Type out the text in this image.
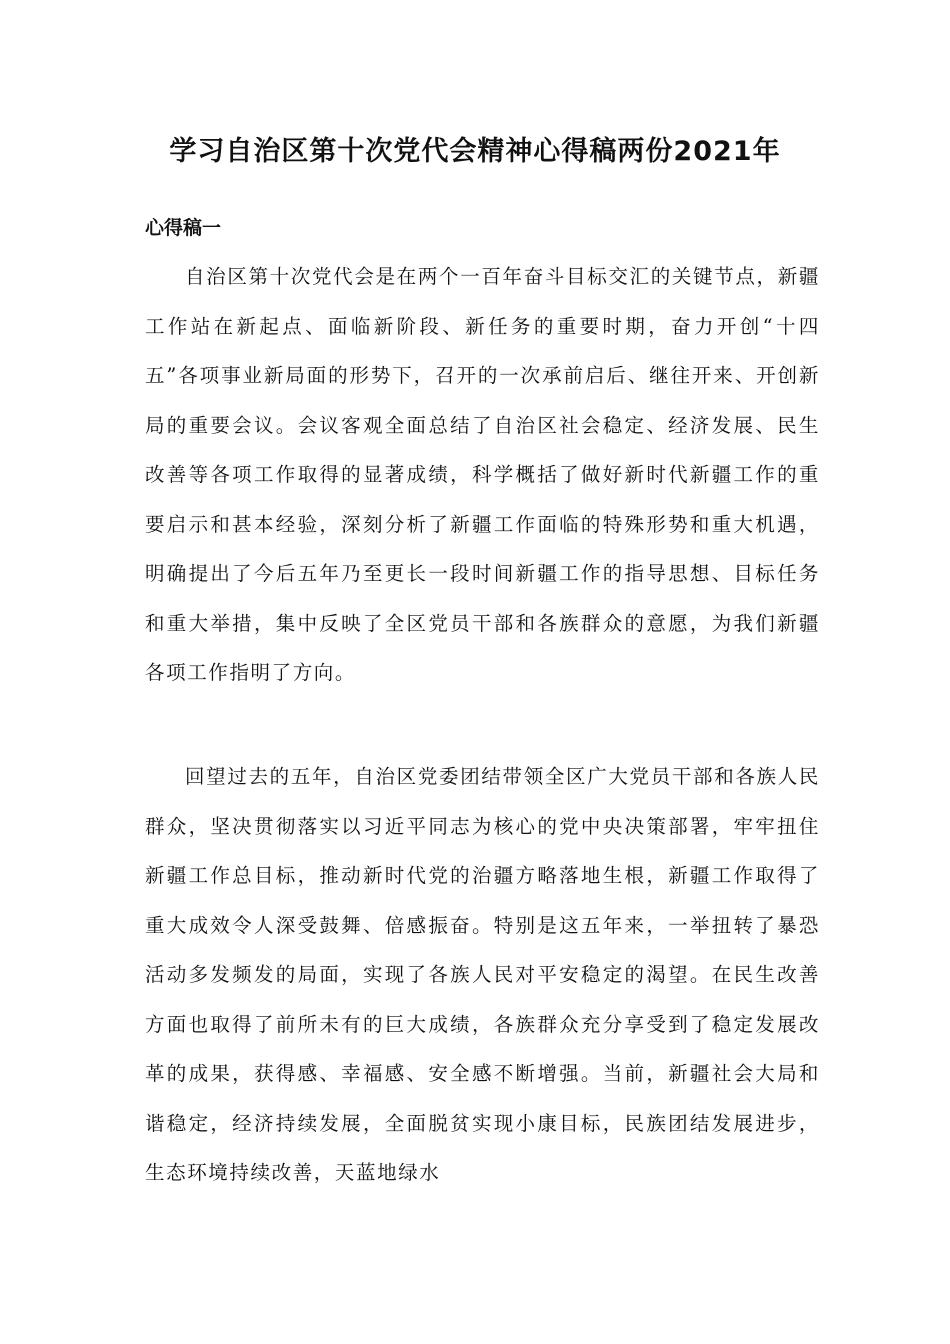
学习自治区第十次党代会精神心得稿两份2021年
心得稿一

自治区第十次党代会是在两个一百年奋斗目标交汇的关键节点，新疆工作站在新起点、面临新阶段、新任务的重要时期，奋力开创“十四五”各项事业新局面的形势下，召开的一次承前启后、继往开来、开创新局的重要会议。会议客观全面总结了自治区社会稳定、经济发展、民生改善等各项工作取得的显著成绩，科学概括了做好新时代新疆工作的重要启示和甚本经验，深刻分析了新疆工作面临的特殊形势和重大机遇，明确提出了今后五年乃至更长一段时间新疆工作的指导思想、目标任务和重大举措，集中反映了全区党员干部和各族群众的意愿，为我们新疆各项工作指明了方向。

回望过去的五年，自治区党委团结带领全区广大党员干部和各族人民群众，坚决贯彻落实以习近平同志为核心的党中央决策部署，牢牢扭住新疆工作总目标，推动新时代党的治疆方略落地生根，新疆工作取得了重大成效令人深受鼓舞、倍感振奋。特别是这五年来，一举扭转了暴恐活动多发频发的局面，实现了各族人民对平安稳定的渴望。在民生改善方面也取得了前所未有的巨大成绩，各族群众充分享受到了稳定发展改革的成果，获得感、幸福感、安全感不断增强。当前，新疆社会大局和谐稳定，经济持续发展，全面脱贫实现小康目标，民族团结发展进步，生态环境持续改善，天蓝地绿水
